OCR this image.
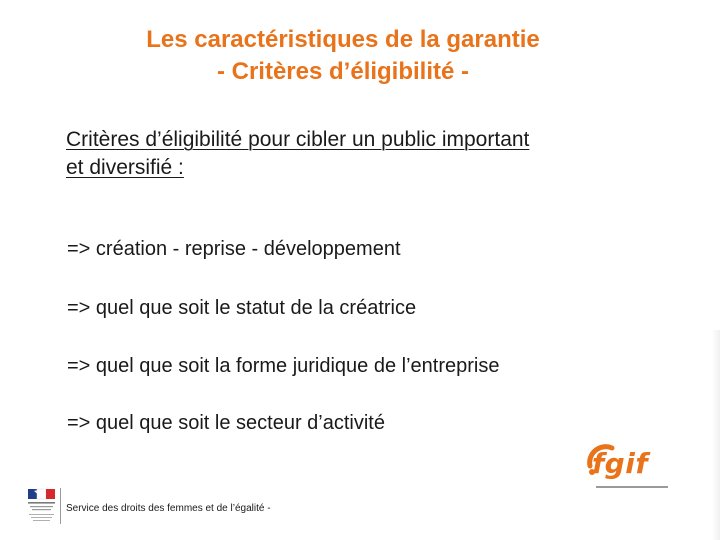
Les caractéristiques de la garantie
- Critères d’éligibilité -
Critères d’éligibilité pour cibler un public important
et diversifié :
=> création - reprise - développement
=> quel que soit le statut de la créatrice
=> quel que soit la forme juridique de l’entreprise
=> quel que soit le secteur d’activité
Service des droits des femmes et de l’égalité -
fgif
